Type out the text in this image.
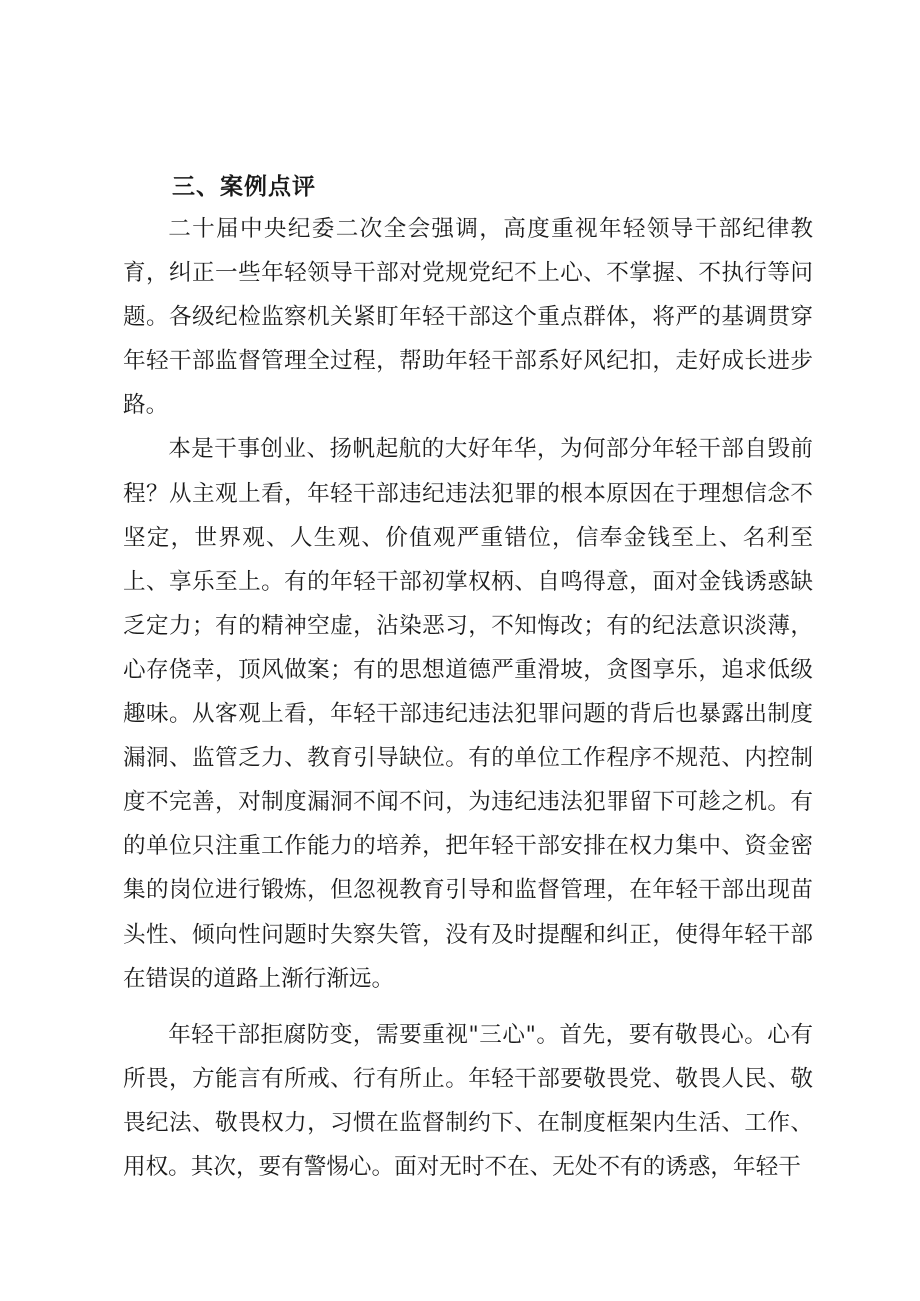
三、案例点评

二十届中央纪委二次全会强调，高度重视年轻领导干部纪律教育，纠正一些年轻领导干部对党规党纪不上心、不掌握、不执行等问题。各级纪检监察机关紧盯年轻干部这个重点群体，将严的基调贯穿年轻干部监督管理全过程，帮助年轻干部系好风纪扣，走好成长进步路。

本是干事创业、扬帆起航的大好年华，为何部分年轻干部自毁前程？从主观上看，年轻干部违纪违法犯罪的根本原因在于理想信念不坚定，世界观、人生观、价值观严重错位，信奉金钱至上、名利至上、享乐至上。有的年轻干部初掌权柄、自鸣得意，面对金钱诱惑缺乏定力；有的精神空虚，沾染恶习，不知悔改；有的纪法意识淡薄，心存侥幸，顶风做案；有的思想道德严重滑坡，贪图享乐，追求低级趣味。从客观上看，年轻干部违纪违法犯罪问题的背后也暴露出制度漏洞、监管乏力、教育引导缺位。有的单位工作程序不规范、内控制度不完善，对制度漏洞不闻不问，为违纪违法犯罪留下可趁之机。有的单位只注重工作能力的培养，把年轻干部安排在权力集中、资金密集的岗位进行锻炼，但忽视教育引导和监督管理，在年轻干部出现苗头性、倾向性问题时失察失管，没有及时提醒和纠正，使得年轻干部在错误的道路上渐行渐远。

年轻干部拒腐防变，需要重视"三心"。首先，要有敬畏心。心有所畏，方能言有所戒、行有所止。年轻干部要敬畏党、敬畏人民、敬畏纪法、敬畏权力，习惯在监督制约下、在制度框架内生活、工作、用权。其次，要有警惕心。面对无时不在、无处不有的诱惑，年轻干
